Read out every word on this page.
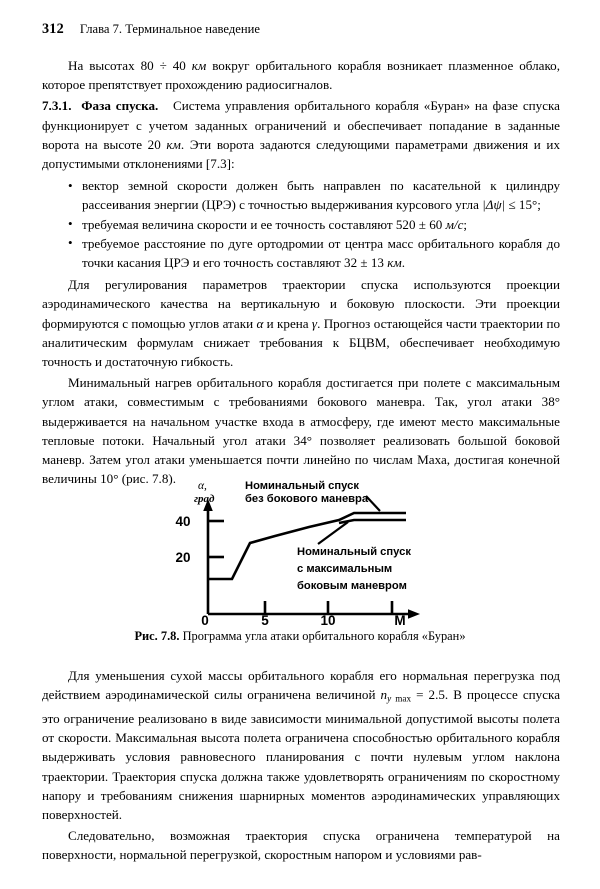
312 Глава 7. Терминальное наведение

На высотах 80 ÷ 40 км вокруг орбитального корабля возникает плазменное облако, которое препятствует прохождению радиосигналов.

7.3.1. Фаза спуска.   Система управления орбитального корабля «Буран» на фазе спуска функционирует с учетом заданных ограничений и обеспечивает попадание в заданные ворота на высоте 20 км. Эти ворота задаются следующими параметрами движения и их допустимыми отклонениями [7.3]:

• вектор земной скорости должен быть направлен по касательной к цилиндру рассеивания энергии (ЦРЭ) с точностью выдерживания курсового угла |Δψ| ≤ 15°;
• требуемая величина скорости и ее точность составляют 520 ± 60 м/с;
• требуемое расстояние по дуге ортодромии от центра масс орбитального корабля до точки касания ЦРЭ и его точность составляют 32 ± 13 км.

Для регулирования параметров траектории спуска используются проекции аэродинамического качества на вертикальную и боковую плоскости. Эти проекции формируются с помощью углов атаки α и крена γ. Прогноз остающейся части траектории по аналитическим формулам снижает требования к БЦВМ, обеспечивает необходимую точность и достаточную гибкость.

Минимальный нагрев орбитального корабля достигается при полете с максимальным углом атаки, совместимым с требованиями бокового маневра. Так, угол атаки 38° выдерживается на начальном участке входа в атмосферу, где имеют место максимальные тепловые потоки. Начальный угол атаки 34° позволяет реализовать большой боковой маневр. Затем угол атаки уменьшается почти линейно по числам Маха, достигая конечной величины 10° (рис. 7.8).	α,
град
40
20
0	5	10	M
Номинальный спуск
без бокового маневра
Номинальный спуск
с максимальным
боковым маневром
Рис. 7.8. Программа угла атаки орбитального корабля «Буран»

Для уменьшения сухой массы орбитального корабля его нормальная перегрузка под действием аэродинамической силы ограничена величиной $n_{y max} = 2.5$. В процессе спуска это ограничение реализовано в виде зависимости минимальной допустимой высоты полета от скорости. Максимальная высота полета ограничена способностью орбитального корабля выдерживать условия равновесного планирования с почти нулевым углом наклона траектории. Траектория спуска должна также удовлетворять ограничениям по скоростному напору и требованиям снижения шарнирных моментов аэродинамических управляющих поверхностей.

Следовательно, возможная траектория спуска ограничена температурой на поверхности, нормальной перегрузкой, скоростным напором и условиями рав-
